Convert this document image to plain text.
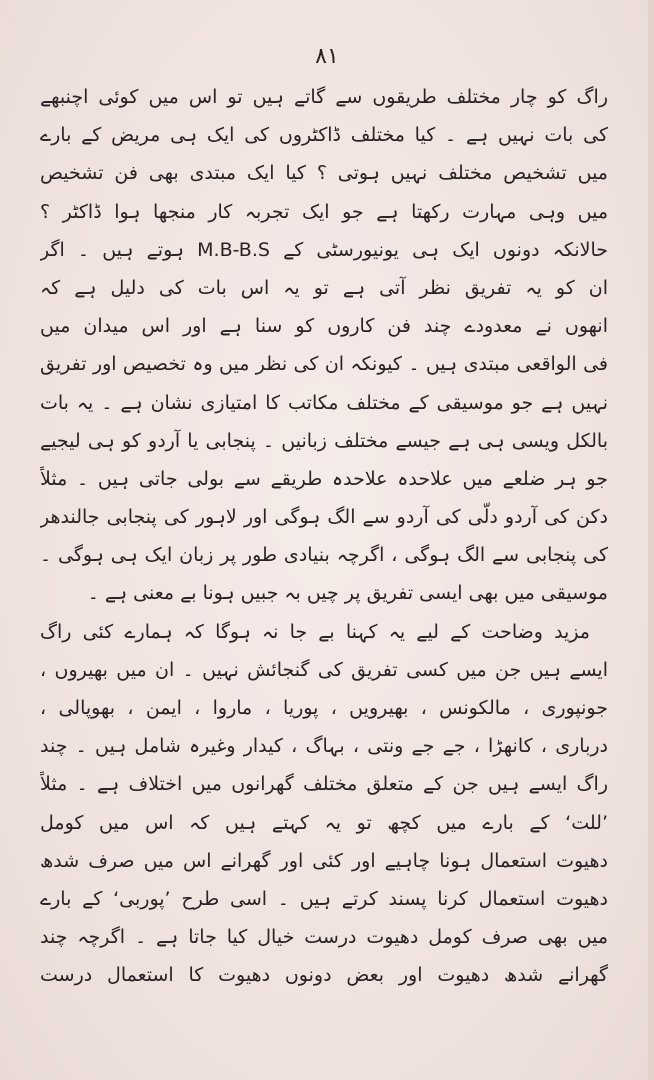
۸۱
راگ کو چار مختلف طریقوں سے گاتے ہیں تو اس میں کوئی اچنبھے
کی بات نہیں ہے ۔ کیا مختلف ڈاکٹروں کی ایک ہی مریض کے بارے
میں تشخیص مختلف نہیں ہوتی ؟ کیا ایک مبتدی بھی فن تشخیص
میں وہی مہارت رکھتا ہے جو ایک تجربہ کار منجھا ہوا ڈاکٹر ؟
حالانکہ دونوں ایک ہی یونیورسٹی کے M.B-B.S ہوتے ہیں ۔ اگر
ان کو یہ تفریق نظر آتی ہے تو یہ اس بات کی دلیل ہے کہ
انھوں نے معدودے چند فن کاروں کو سنا ہے اور اس میدان میں
فی الواقعی مبتدی ہیں ۔ کیونکہ ان کی نظر میں وہ تخصیص اور تفریق
نہیں ہے جو موسیقی کے مختلف مکاتب کا امتیازی نشان ہے ۔ یہ بات
بالکل ویسی ہی ہے جیسے مختلف زبانیں ۔ پنجابی یا آردو کو ہی لیجیے
جو ہر ضلعے میں علاحدہ علاحدہ طریقے سے بولی جاتی ہیں ۔ مثلاً
دکن کی آردو دلّی کی آردو سے الگ ہوگی اور لاہور کی پنجابی جالندھر
کی پنجابی سے الگ ہوگی ، اگرچہ بنیادی طور پر زبان ایک ہی ہوگی ۔
موسیقی میں بھی ایسی تفریق پر چیں بہ جبیں ہونا بے معنی ہے ۔
مزید وضاحت کے لیے یہ کہنا بے جا نہ ہوگا کہ ہمارے کئی راگ
ایسے ہیں جن میں کسی تفریق کی گنجائش نہیں ۔ ان میں بھیروں ،
جونپوری ، مالکونس ، بھیرویں ، پوریا ، ماروا ، ایمن ، بھوپالی ،
درباری ، کانھڑا ، جے جے ونتی ، بہاگ ، کیدار وغیرہ شامل ہیں ۔ چند
راگ ایسے ہیں جن کے متعلق مختلف گھرانوں میں اختلاف ہے ۔ مثلاً
’للت‘ کے بارے میں کچھ تو یہ کہتے ہیں کہ اس میں کومل
دھیوت استعمال ہونا چاہیے اور کئی اور گھرانے اس میں صرف شدھ
دھیوت استعمال کرنا پسند کرتے ہیں ۔ اسی طرح ’پوربی‘ کے بارے
میں بھی صرف کومل دھیوت درست خیال کیا جاتا ہے ۔ اگرچہ چند
گھرانے شدھ دھیوت اور بعض دونوں دھیوت کا استعمال درست
